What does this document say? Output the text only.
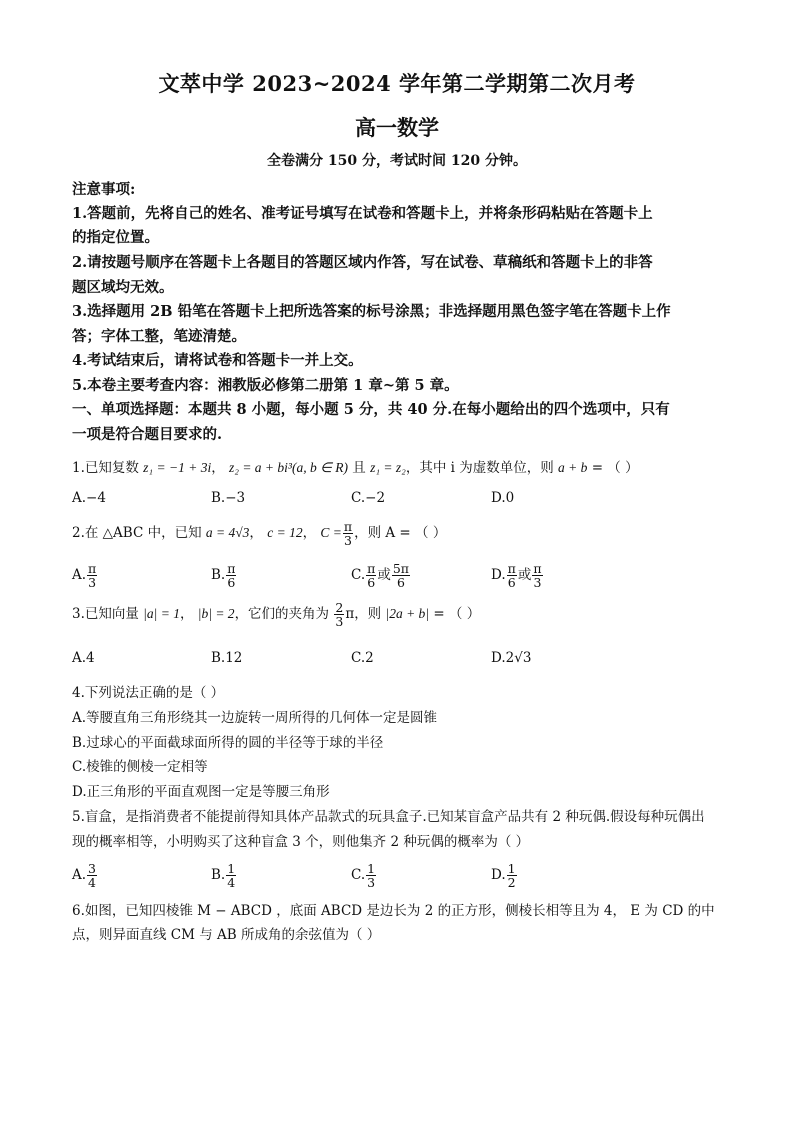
文萃中学 2023~2024 学年第二学期第二次月考
高一数学
全卷满分 150 分，考试时间 120 分钟。
注意事项:
1.答题前，先将自己的姓名、准考证号填写在试卷和答题卡上，并将条形码粘贴在答题卡上
的指定位置。
2.请按题号顺序在答题卡上各题目的答题区域内作答，写在试卷、草稿纸和答题卡上的非答
题区域均无效。
3.选择题用 2B 铅笔在答题卡上把所选答案的标号涂黑；非选择题用黑色签字笔在答题卡上作
答；字体工整，笔迹清楚。
4.考试结束后，请将试卷和答题卡一并上交。
5.本卷主要考查内容：湘教版必修第二册第 1 章~第 5 章。
一、单项选择题：本题共 8 小题，每小题 5 分，共 40 分.在每小题给出的四个选项中，只有
一项是符合题目要求的.
1.已知复数 z₁ = −1 + 3i， z₂ = a + bi³(a, b ∈ R) 且 z₁ = z₂，其中 i 为虚数单位，则 a + b = （ ）
A.−4	B.−3	C.−2	D.0
2.在 △ABC 中，已知 a = 4√3， c = 12， $C = \frac{\pi}{3}$ ，则 A = （ ）
A. $\frac{\pi}{3}$	B. $\frac{\pi}{6}$	C. $\frac{\pi}{6}$ 或 $\frac{5\pi}{6}$	D. $\frac{\pi}{6}$ 或 $\frac{\pi}{3}$
3.已知向量 |a| = 1， |b| = 2，它们的夹角为 $\frac{2}{3}$ π，则 |2a + b| = （ ）
A.4	B.12	C.2	D.2√3
4.下列说法正确的是（ ）
A.等腰直角三角形绕其一边旋转一周所得的几何体一定是圆锥
B.过球心的平面截球面所得的圆的半径等于球的半径
C.棱锥的侧棱一定相等
D.正三角形的平面直观图一定是等腰三角形
5.盲盒，是指消费者不能提前得知具体产品款式的玩具盒子.已知某盲盒产品共有 2 种玩偶.假设每种玩偶出
现的概率相等，小明购买了这种盲盒 3 个，则他集齐 2 种玩偶的概率为（ ）
A. $\frac{3}{4}$	B. $\frac{1}{4}$	C. $\frac{1}{3}$	D. $\frac{1}{2}$
6.如图，已知四棱锥 M − ABCD ，底面 ABCD 是边长为 2 的正方形，侧棱长相等且为 4， E 为 CD 的中
点，则异面直线 CM 与 AB 所成角的余弦值为（ ）
